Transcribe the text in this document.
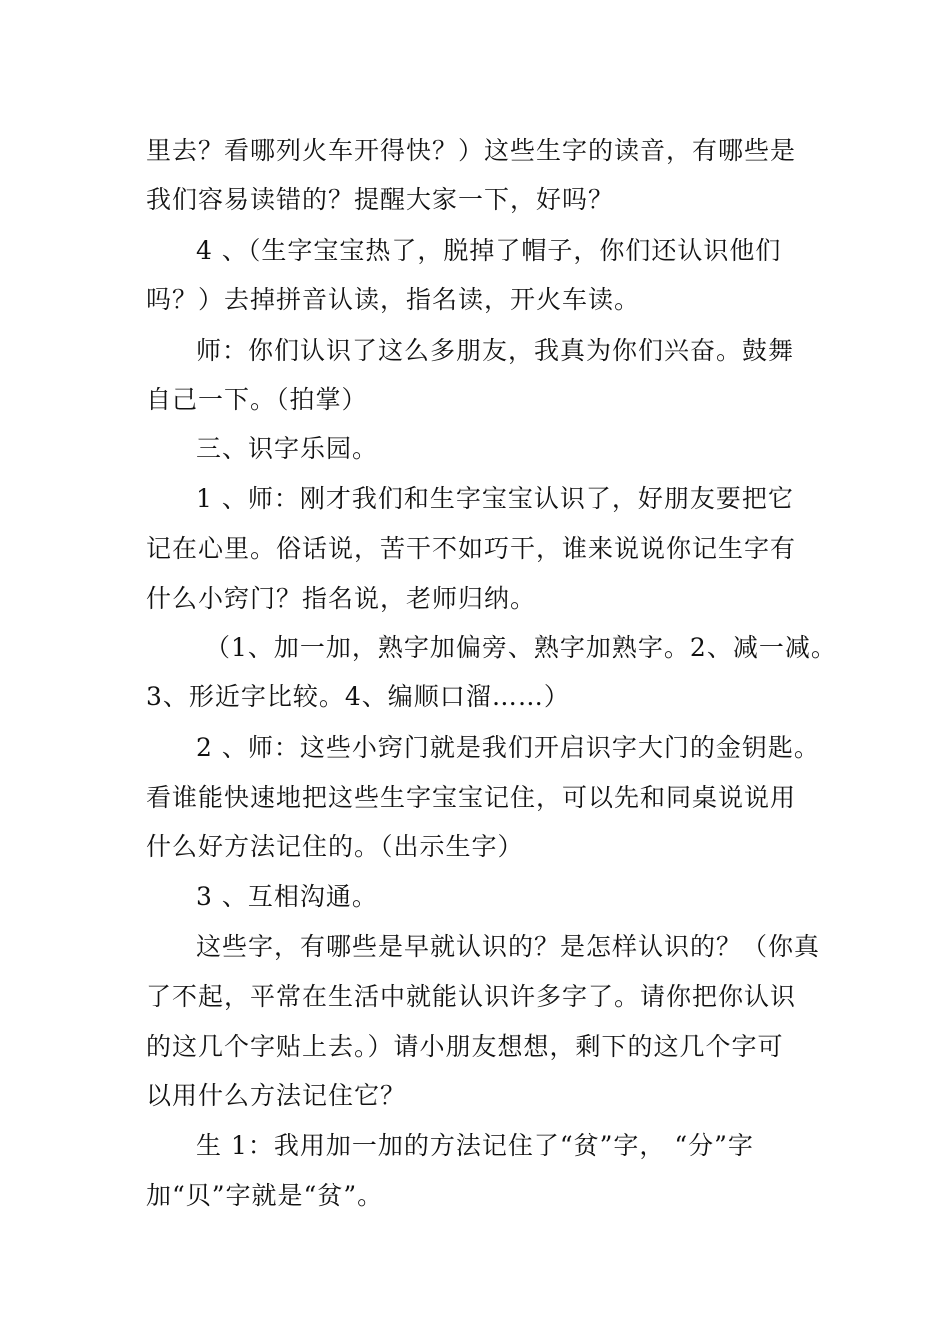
里去？看哪列火车开得快？）这些生字的读音，有哪些是
我们容易读错的？提醒大家一下，好吗？
4 、（生字宝宝热了，脱掉了帽子，你们还认识他们
吗？）去掉拼音认读，指名读，开火车读。
师：你们认识了这么多朋友，我真为你们兴奋。鼓舞
自己一下。（拍掌）
三、识字乐园。
1 、师：刚才我们和生字宝宝认识了，好朋友要把它
记在心里。俗话说，苦干不如巧干，谁来说说你记生字有
什么小窍门？指名说，老师归纳。
（1、加一加，熟字加偏旁、熟字加熟字。2、减一减。
3、形近字比较。4、编顺口溜……）
2 、师：这些小窍门就是我们开启识字大门的金钥匙。
看谁能快速地把这些生字宝宝记住，可以先和同桌说说用
什么好方法记住的。（出示生字）
3 、互相沟通。
这些字，有哪些是早就认识的？是怎样认识的？（你真
了不起，平常在生活中就能认识许多字了。请你把你认识
的这几个字贴上去。）请小朋友想想，剩下的这几个字可
以用什么方法记住它？
生 1：我用加一加的方法记住了“贫”字， “分”字
加“贝”字就是“贫”。
